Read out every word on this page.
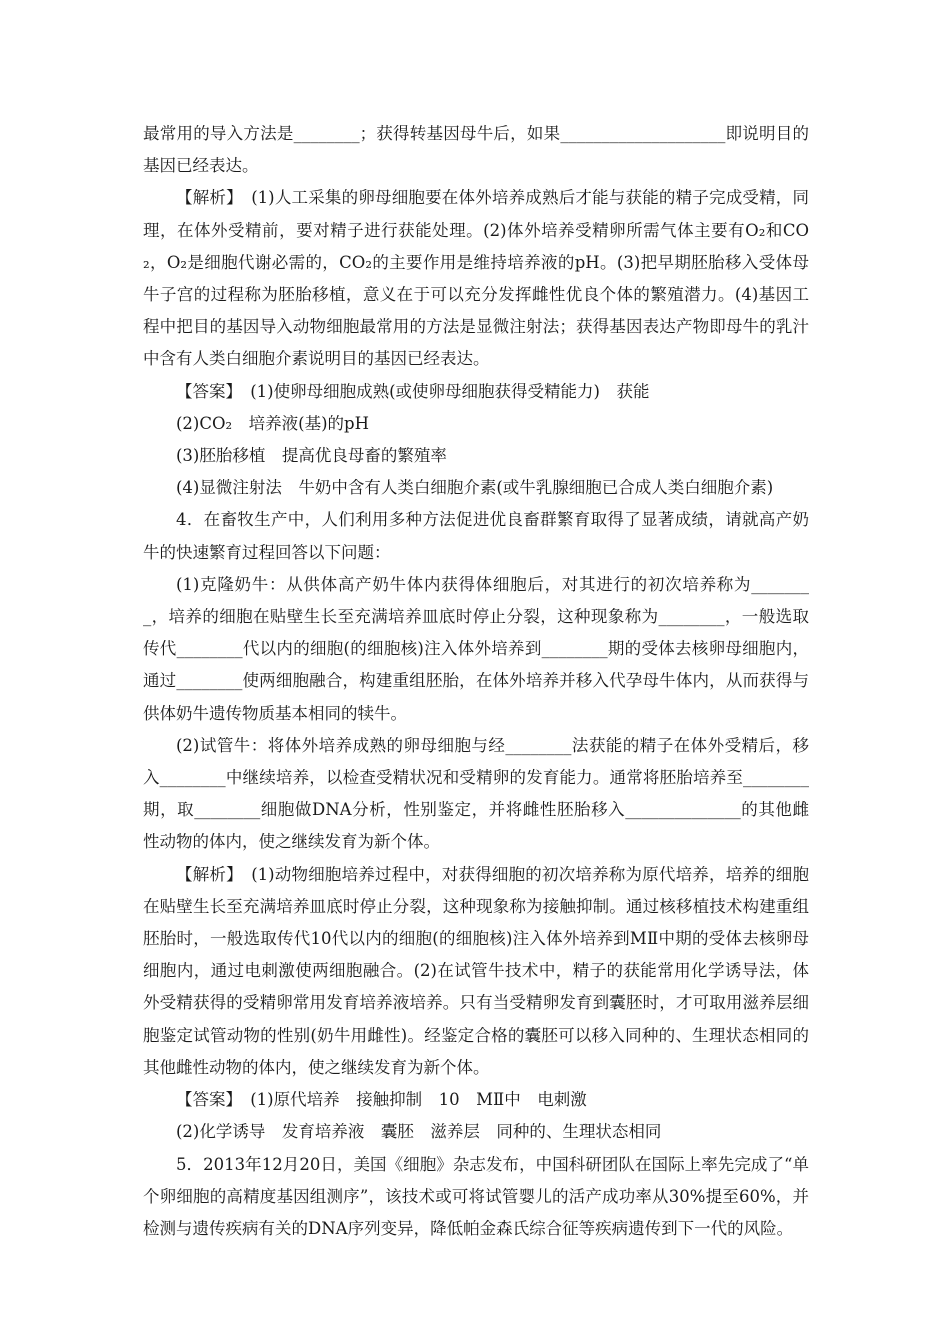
最常用的导入方法是________；获得转基因母牛后，如果____________________即说明目的基因已经表达。

【解析】　(1)人工采集的卵母细胞要在体外培养成熟后才能与获能的精子完成受精，同理，在体外受精前，要对精子进行获能处理。(2)体外培养受精卵所需气体主要有O₂和CO₂，O₂是细胞代谢必需的，CO₂的主要作用是维持培养液的pH。(3)把早期胚胎移入受体母牛子宫的过程称为胚胎移植，意义在于可以充分发挥雌性优良个体的繁殖潜力。(4)基因工程中把目的基因导入动物细胞最常用的方法是显微注射法；获得基因表达产物即母牛的乳汁中含有人类白细胞介素说明目的基因已经表达。

【答案】　(1)使卵母细胞成熟(或使卵母细胞获得受精能力)　获能

(2)CO₂　培养液(基)的pH

(3)胚胎移植　提高优良母畜的繁殖率

(4)显微注射法　牛奶中含有人类白细胞介素(或牛乳腺细胞已合成人类白细胞介素)

4．在畜牧生产中，人们利用多种方法促进优良畜群繁育取得了显著成绩，请就高产奶牛的快速繁育过程回答以下问题：

(1)克隆奶牛：从供体高产奶牛体内获得体细胞后，对其进行的初次培养称为________，培养的细胞在贴壁生长至充满培养皿底时停止分裂，这种现象称为________，一般选取传代________代以内的细胞(的细胞核)注入体外培养到________期的受体去核卵母细胞内，通过________使两细胞融合，构建重组胚胎，在体外培养并移入代孕母牛体内，从而获得与供体奶牛遗传物质基本相同的犊牛。

(2)试管牛：将体外培养成熟的卵母细胞与经________法获能的精子在体外受精后，移入________中继续培养，以检查受精状况和受精卵的发育能力。通常将胚胎培养至________期，取________细胞做DNA分析，性别鉴定，并将雌性胚胎移入______________的其他雌性动物的体内，使之继续发育为新个体。

【解析】　(1)动物细胞培养过程中，对获得细胞的初次培养称为原代培养，培养的细胞在贴壁生长至充满培养皿底时停止分裂，这种现象称为接触抑制。通过核移植技术构建重组胚胎时，一般选取传代10代以内的细胞(的细胞核)注入体外培养到MⅡ中期的受体去核卵母细胞内，通过电刺激使两细胞融合。(2)在试管牛技术中，精子的获能常用化学诱导法，体外受精获得的受精卵常用发育培养液培养。只有当受精卵发育到囊胚时，才可取用滋养层细胞鉴定试管动物的性别(奶牛用雌性)。经鉴定合格的囊胚可以移入同种的、生理状态相同的其他雌性动物的体内，使之继续发育为新个体。

【答案】　(1)原代培养　接触抑制　10　MⅡ中　电刺激

(2)化学诱导　发育培养液　囊胚　滋养层　同种的、生理状态相同

5．2013年12月20日，美国《细胞》杂志发布，中国科研团队在国际上率先完成了“单个卵细胞的高精度基因组测序”，该技术或可将试管婴儿的活产成功率从30%提至60%，并检测与遗传疾病有关的DNA序列变异，降低帕金森氏综合征等疾病遗传到下一代的风险。
